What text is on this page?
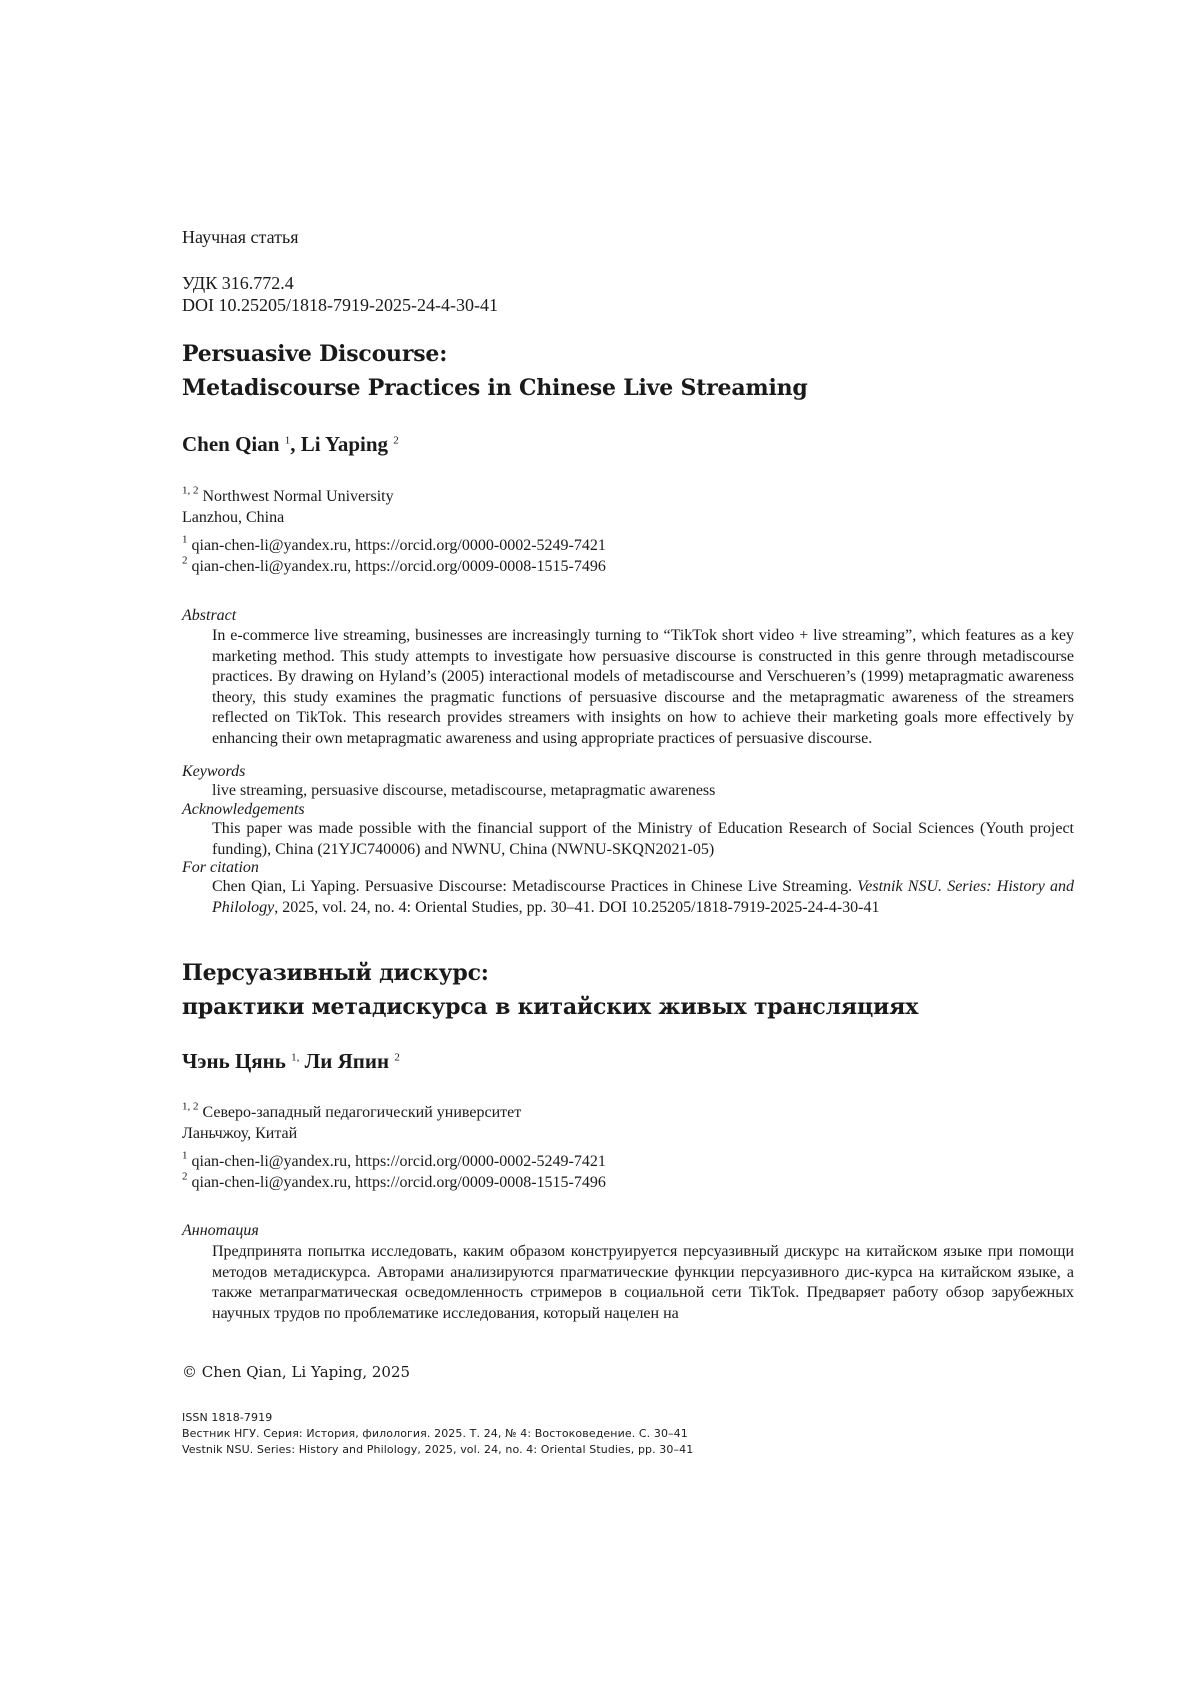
Научная статья
УДК 316.772.4
DOI 10.25205/1818-7919-2025-24-4-30-41
Persuasive Discourse:
Metadiscourse Practices in Chinese Live Streaming
Chen Qian 1, Li Yaping 2
1, 2 Northwest Normal University
Lanzhou, China
1 qian-chen-li@yandex.ru, https://orcid.org/0000-0002-5249-7421
2 qian-chen-li@yandex.ru, https://orcid.org/0009-0008-1515-7496
Abstract
In e-commerce live streaming, businesses are increasingly turning to “TikTok short video + live streaming”, which features as a key marketing method. This study attempts to investigate how persuasive discourse is constructed in this genre through metadiscourse practices. By drawing on Hyland’s (2005) interactional models of metadiscourse and Verschueren’s (1999) metapragmatic awareness theory, this study examines the pragmatic functions of persuasive discourse and the metapragmatic awareness of the streamers reflected on TikTok. This research provides streamers with insights on how to achieve their marketing goals more effectively by enhancing their own metapragmatic awareness and using appropriate practices of persuasive discourse.
Keywords
live streaming, persuasive discourse, metadiscourse, metapragmatic awareness
Acknowledgements
This paper was made possible with the financial support of the Ministry of Education Research of Social Sciences (Youth project funding), China (21YJC740006) and NWNU, China (NWNU-SKQN2021-05)
For citation
Chen Qian, Li Yaping. Persuasive Discourse: Metadiscourse Practices in Chinese Live Streaming. Vestnik NSU. Series: History and Philology, 2025, vol. 24, no. 4: Oriental Studies, pp. 30–41. DOI 10.25205/1818-7919-2025-24-4-30-41
Персуазивный дискурс:
практики метадискурса в китайских живых трансляциях
Чэнь Цянь 1, Ли Япин 2
1, 2 Северо-западный педагогический университет
Ланьчжоу, Китай
1 qian-chen-li@yandex.ru, https://orcid.org/0000-0002-5249-7421
2 qian-chen-li@yandex.ru, https://orcid.org/0009-0008-1515-7496
Аннотация
Предпринята попытка исследовать, каким образом конструируется персуазивный дискурс на китайском языке при помощи методов метадискурса. Авторами анализируются прагматические функции персуазивного дис-курса на китайском языке, а также метапрагматическая осведомленность стримеров в социальной сети TikTok. Предваряет работу обзор зарубежных научных трудов по проблематике исследования, который нацелен на
© Chen Qian, Li Yaping, 2025
ISSN 1818-7919
Вестник НГУ. Серия: История, филология. 2025. Т. 24, № 4: Востоковедение. С. 30–41
Vestnik NSU. Series: History and Philology, 2025, vol. 24, no. 4: Oriental Studies, pp. 30–41
